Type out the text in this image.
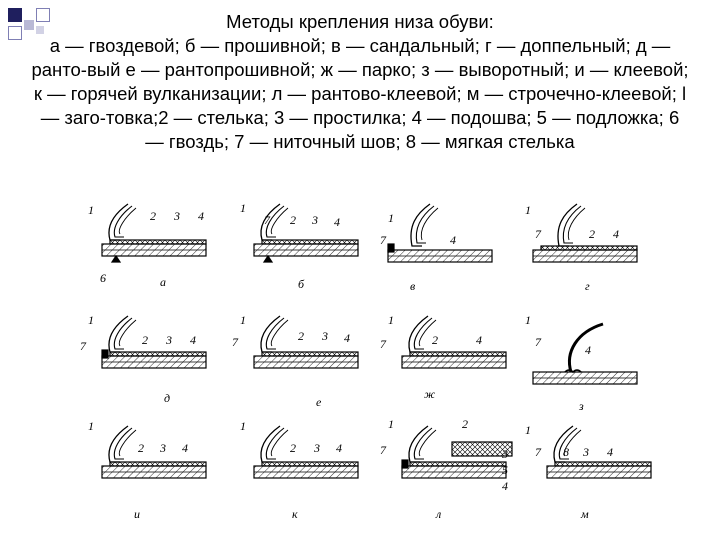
Методы крепления низа обуви:
а — гвоздевой; б — прошивной; в — сандальный; г — доппельный; д — ранто-вый е — рантопрошивной; ж — парко; з — выворотный; и — клеевой; к — горячей вулканизации; л — рантово-клеевой; м — строчечно-клеевой; l — заго-товка;2 — стелька; 3 — простилка; 4 — подошва; 5 — подложка; 6 — гвоздь; 7 — ниточный шов; 8 — мягкая стелька
1	2 3 4
6	а
1
7 2 3 4
б
1
7	4
в
1
7	2 4
г
1
7	2 3 4
д
1
7	2 3 4
е
1
7	2	4
ж
1
7
4
з
1
2 3 4
и
1
2 3 4
к
1	2
7	3
5
4
л
1
7 8 3 4
м
